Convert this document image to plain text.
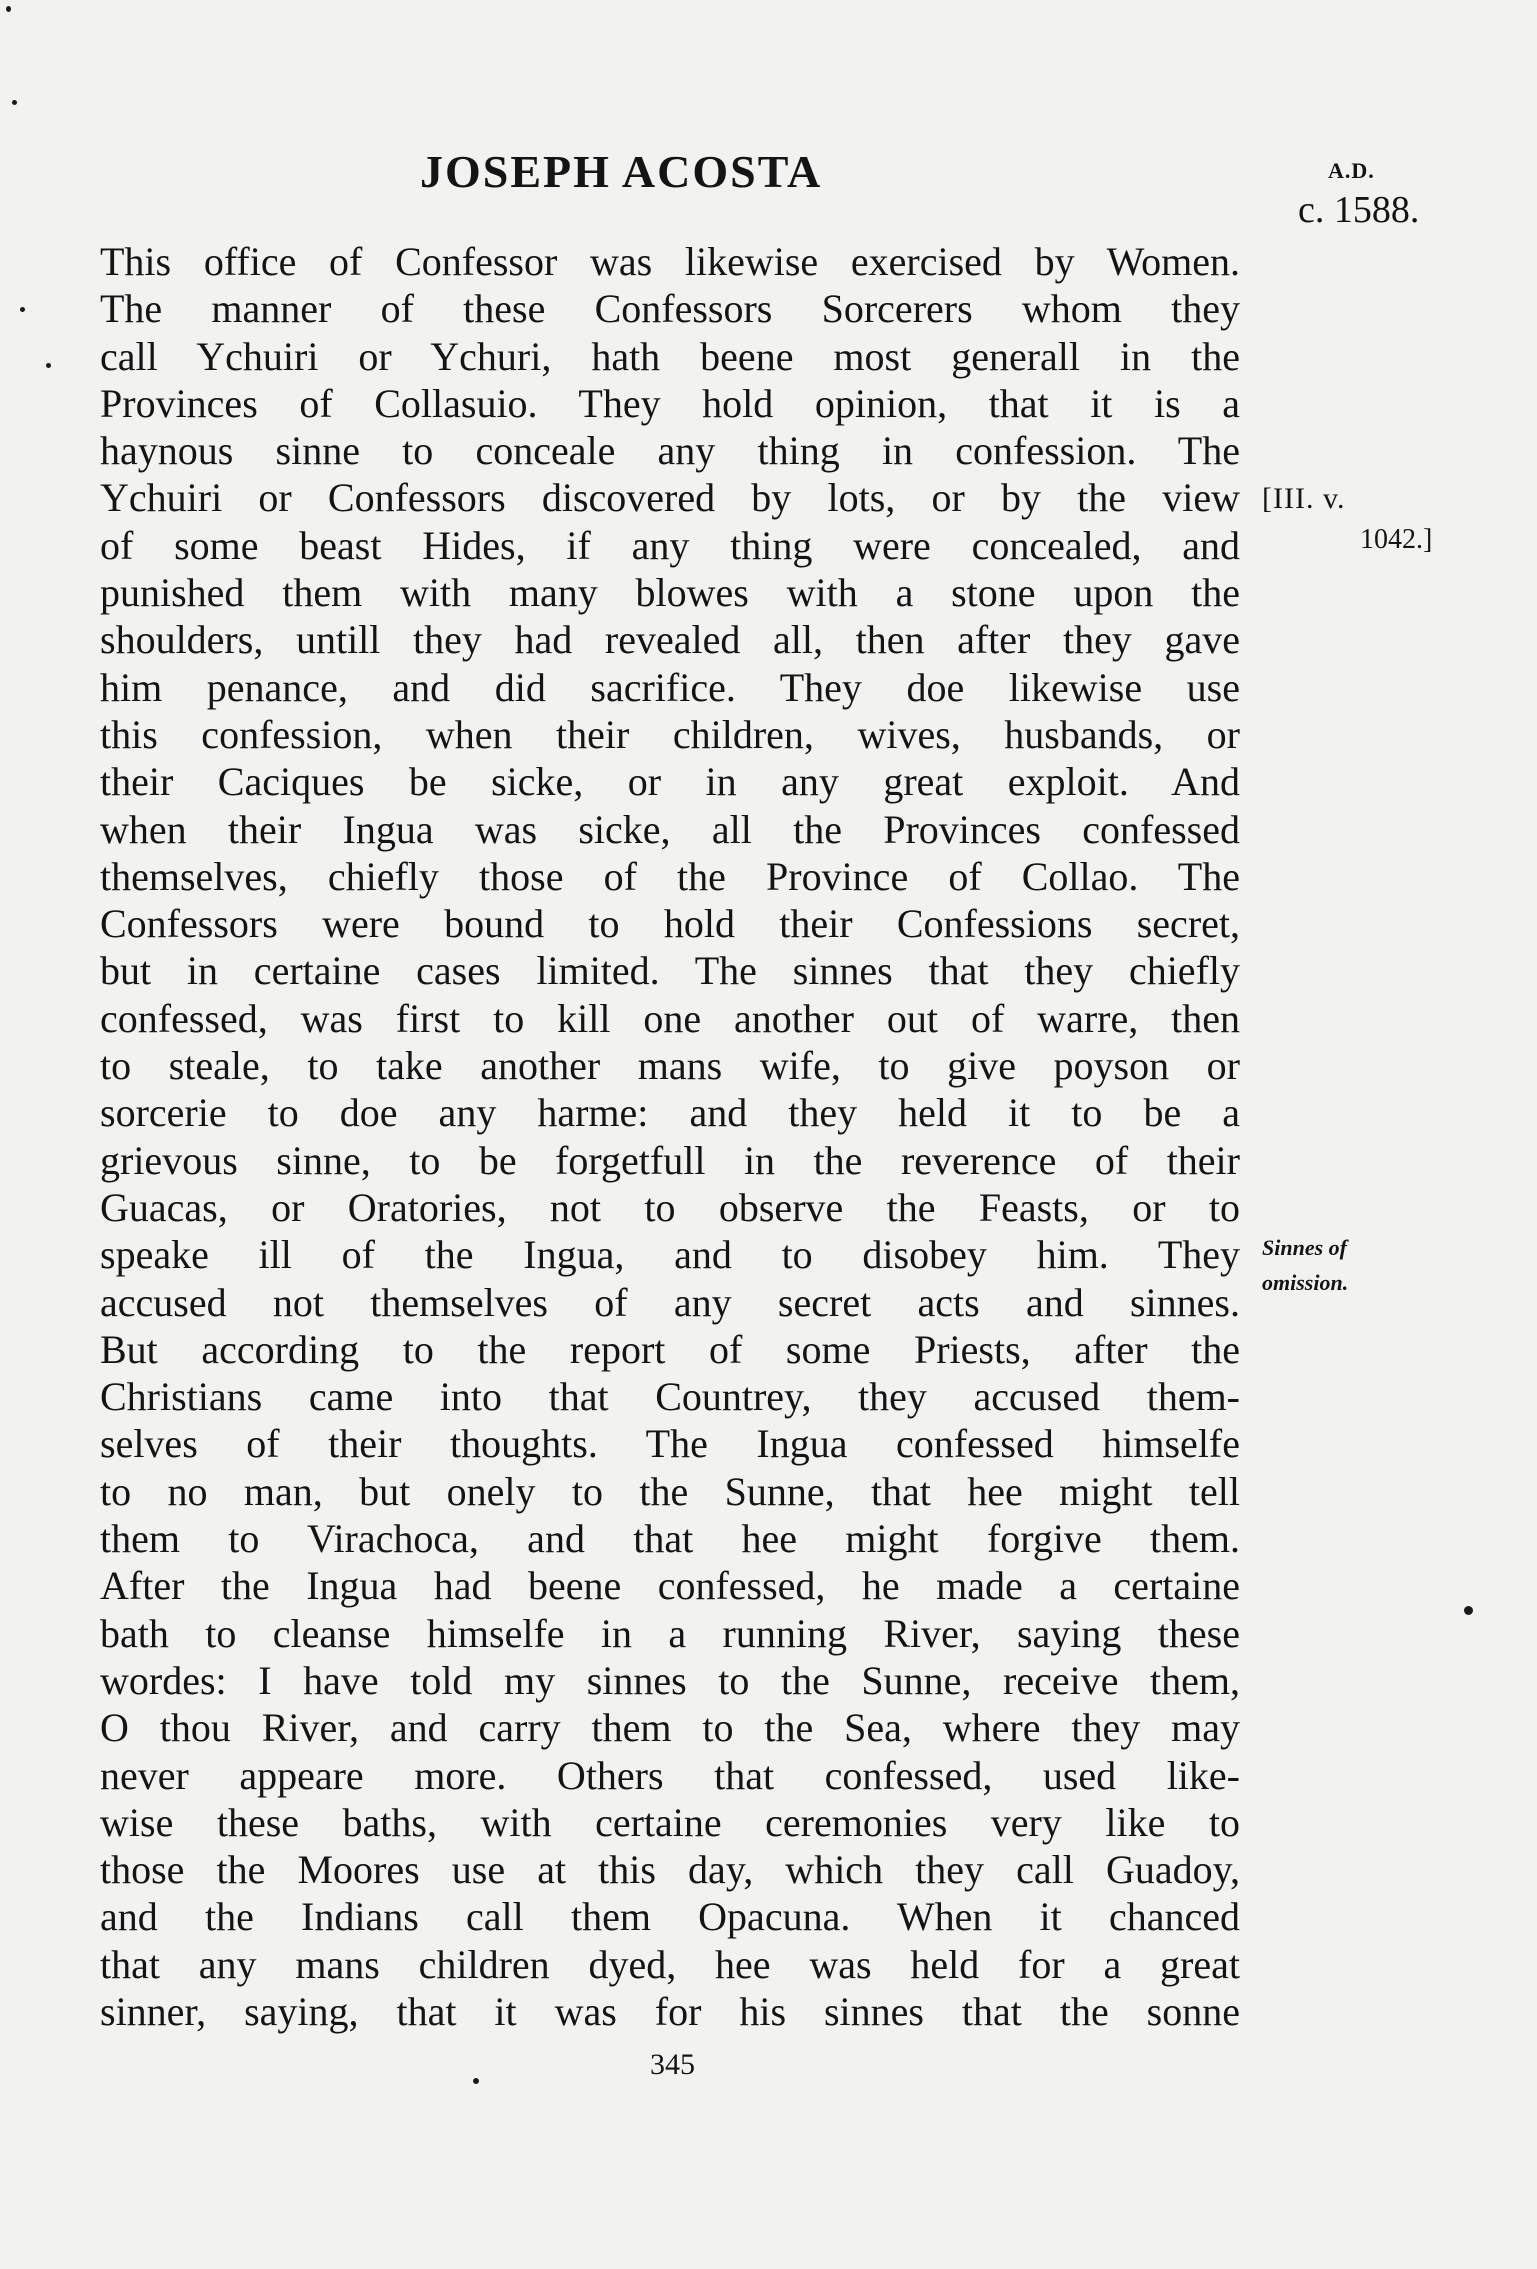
JOSEPH ACOSTA	A.D.
c. 1588.
This office of Confessor was likewise exercised by Women.
The manner of these Confessors Sorcerers whom they
call Ychuiri or Ychuri, hath beene most generall in the
Provinces of Collasuio. They hold opinion, that it is a
haynous sinne to conceale any thing in confession. The
Ychuiri or Confessors discovered by lots, or by the view
of some beast Hides, if any thing were concealed, and
punished them with many blowes with a stone upon the
shoulders, untill they had revealed all, then after they gave
him penance, and did sacrifice. They doe likewise use
this confession, when their children, wives, husbands, or
their Caciques be sicke, or in any great exploit. And
when their Ingua was sicke, all the Provinces confessed
themselves, chiefly those of the Province of Collao. The
Confessors were bound to hold their Confessions secret,
but in certaine cases limited. The sinnes that they chiefly
confessed, was first to kill one another out of warre, then
to steale, to take another mans wife, to give poyson or
sorcerie to doe any harme: and they held it to be a
grievous sinne, to be forgetfull in the reverence of their
Guacas, or Oratories, not to observe the Feasts, or to
speake ill of the Ingua, and to disobey him. They
accused not themselves of any secret acts and sinnes.
But according to the report of some Priests, after the
Christians came into that Countrey, they accused them-
selves of their thoughts. The Ingua confessed himselfe
to no man, but onely to the Sunne, that hee might tell
them to Virachoca, and that hee might forgive them.
After the Ingua had beene confessed, he made a certaine
bath to cleanse himselfe in a running River, saying these
wordes: I have told my sinnes to the Sunne, receive them,
O thou River, and carry them to the Sea, where they may
never appeare more. Others that confessed, used like-
wise these baths, with certaine ceremonies very like to
those the Moores use at this day, which they call Guadoy,
and the Indians call them Opacuna. When it chanced
that any mans children dyed, hee was held for a great
sinner, saying, that it was for his sinnes that the sonne
[III. v.
1042.]
Sinnes of
omission.
345
